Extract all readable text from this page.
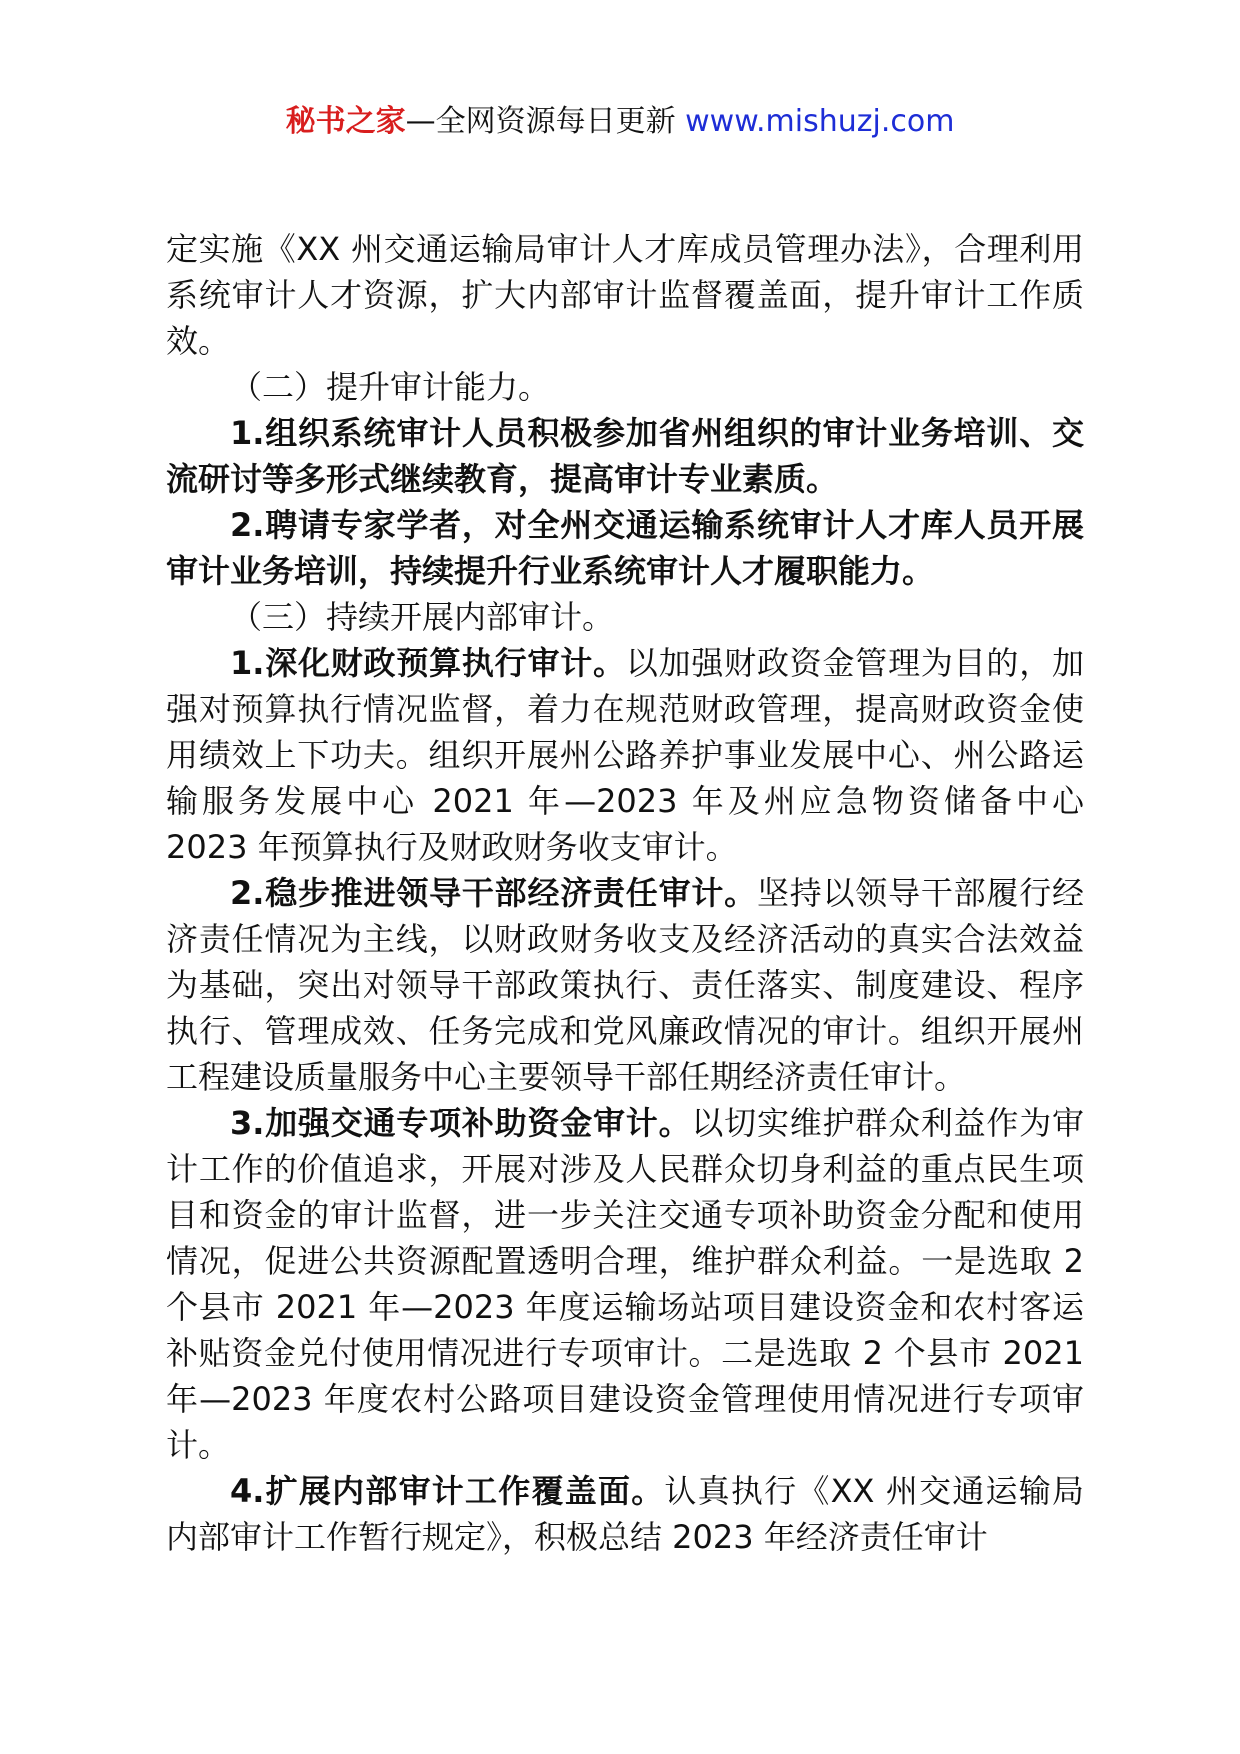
秘书之家—全网资源每日更新 www.mishuzj.com

定实施《XX 州交通运输局审计人才库成员管理办法》，合理利用系统审计人才资源，扩大内部审计监督覆盖面，提升审计工作质效。

（二）提升审计能力。

1.组织系统审计人员积极参加省州组织的审计业务培训、交流研讨等多形式继续教育，提高审计专业素质。

2.聘请专家学者，对全州交通运输系统审计人才库人员开展审计业务培训，持续提升行业系统审计人才履职能力。

（三）持续开展内部审计。

1.深化财政预算执行审计。以加强财政资金管理为目的，加强对预算执行情况监督，着力在规范财政管理，提高财政资金使用绩效上下功夫。组织开展州公路养护事业发展中心、州公路运输服务发展中心 2021 年—2023 年及州应急物资储备中心 2023 年预算执行及财政财务收支审计。

2.稳步推进领导干部经济责任审计。坚持以领导干部履行经济责任情况为主线，以财政财务收支及经济活动的真实合法效益为基础，突出对领导干部政策执行、责任落实、制度建设、程序执行、管理成效、任务完成和党风廉政情况的审计。组织开展州工程建设质量服务中心主要领导干部任期经济责任审计。

3.加强交通专项补助资金审计。以切实维护群众利益作为审计工作的价值追求，开展对涉及人民群众切身利益的重点民生项目和资金的审计监督，进一步关注交通专项补助资金分配和使用情况，促进公共资源配置透明合理，维护群众利益。一是选取 2 个县市 2021 年—2023 年度运输场站项目建设资金和农村客运补贴资金兑付使用情况进行专项审计。二是选取 2 个县市 2021 年—2023 年度农村公路项目建设资金管理使用情况进行专项审计。

4.扩展内部审计工作覆盖面。认真执行《XX 州交通运输局内部审计工作暂行规定》，积极总结 2023 年经济责任审计
